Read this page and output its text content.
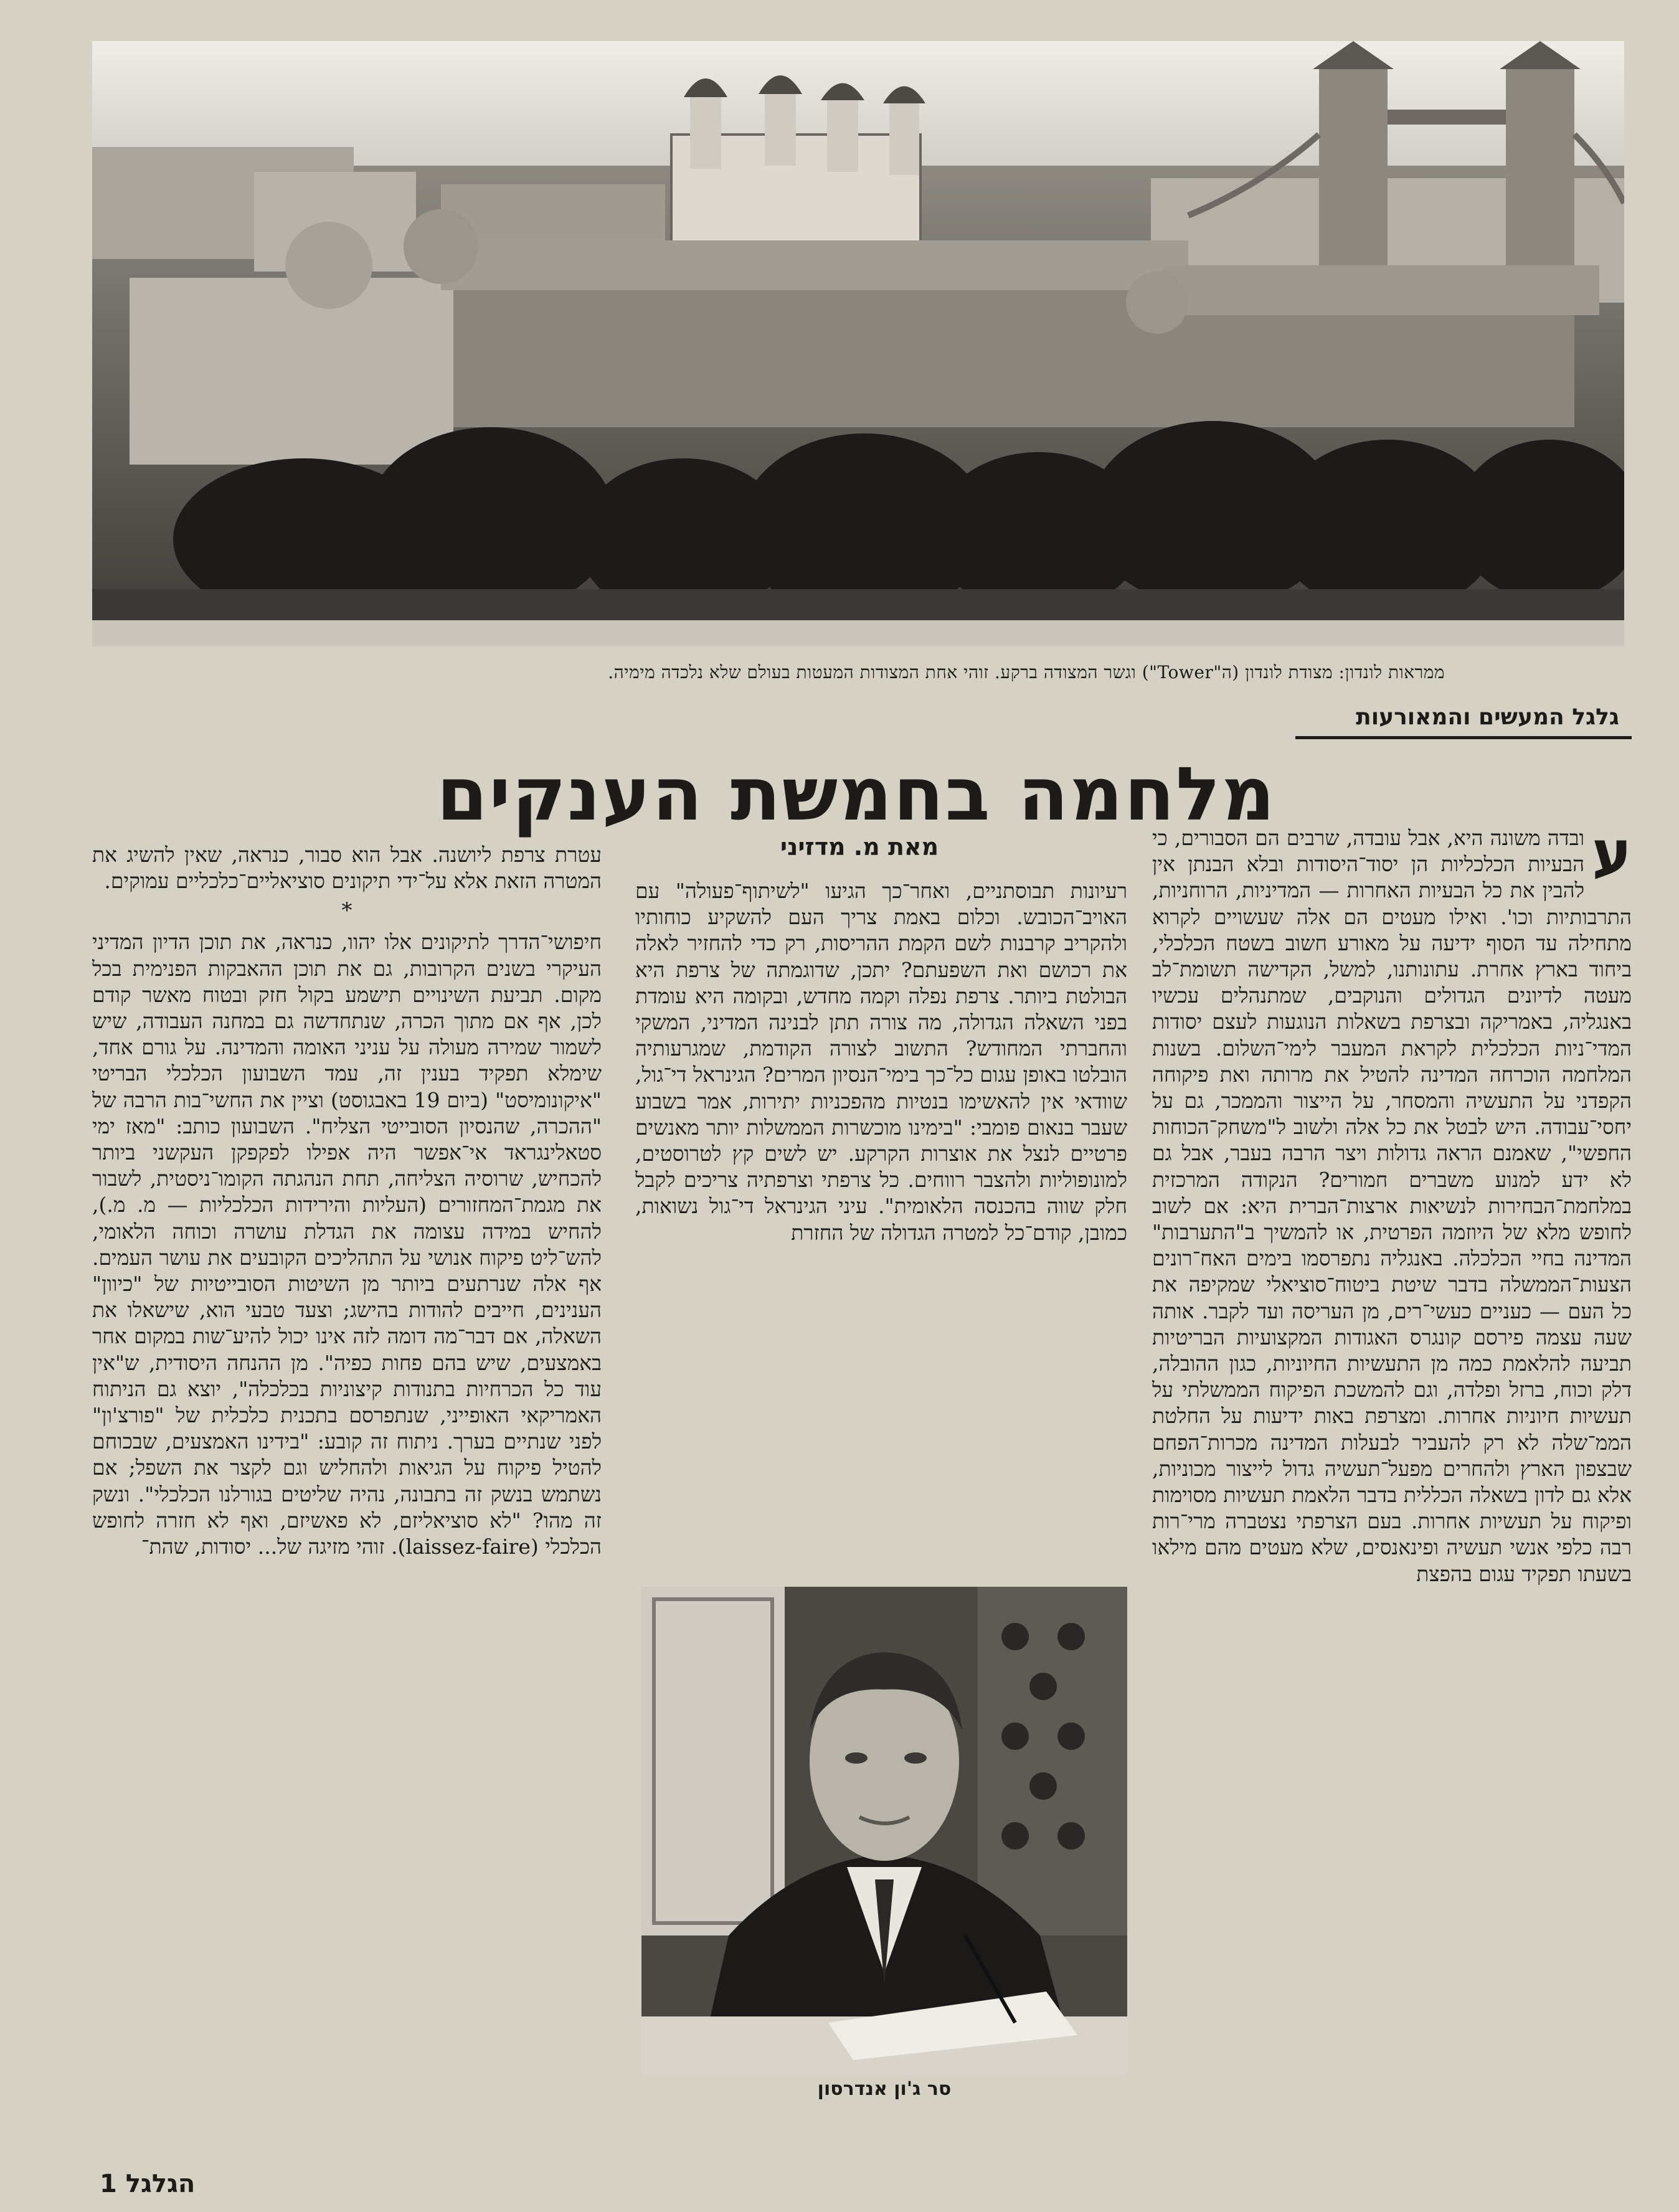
ממראות לונדון: מצודת לונדון (ה"Tower") וגשר המצודה ברקע. זוהי אחת המצודות המעטות בעולם שלא נלכדה מימיה.
גלגל המעשים והמאורעות
מלחמה בחמשת הענקים
מאת מ. מדזיני	ע

ובדה משונה היא, אבל עובדה, שרבים הם הסבורים, כי הבעיות הכלכליות הן יסוד־היסודות ובלא הבנתן אין להבין את כל הבעיות האחרות — המדיניות, הרוחניות, התרבותיות וכו'. ואילו מעטים הם אלה שעשויים לקרוא מתחילה עד הסוף ידיעה על מאורע חשוב בשטח הכלכלי, ביחוד בארץ אחרת. עתונותנו, למשל, הקדישה תשומת־לב מעטה לדיונים הגדולים והנוקבים, שמתנהלים עכשיו באנגליה, באמריקה ובצרפת בשאלות הנוגעות לעצם יסודות המדי־ניות הכלכלית לקראת המעבר לימי־השלום. בשנות המלחמה הוכרחה המדינה להטיל את מרותה ואת פיקוחה הקפדני על התעשיה והמסחר, על הייצור והממכר, גם על יחסי־עבודה. היש לבטל את כל אלה ולשוב ל"משחק־הכוחות החפשי", שאמנם הראה גדולות ויצר הרבה בעבר, אבל גם לא ידע למנוע משברים חמורים? הנקודה המרכזית במלחמת־הבחירות לנשיאות ארצות־הברית היא: אם לשוב לחופש מלא של היוזמה הפרטית, או להמשיך ב"התערבות" המדינה בחיי הכלכלה. באנגליה נתפרסמו בימים האח־רונים הצעות־הממשלה בדבר שיטת ביטוח־סוציאלי שמקיפה את כל העם — כעניים כעשי־רים, מן העריסה ועד לקבר. אותה שעה עצמה פירסם קונגרס האגודות המקצועיות הבריטיות תביעה להלאמת כמה מן התעשיות החיוניות, כגון ההובלה, דלק וכוח, ברזל ופלדה, וגם להמשכת הפיקוח הממשלתי על תעשיות חיוניות אחרות. ומצרפת באות ידיעות על החלטת הממ־שלה לא רק להעביר לבעלות המדינה מכרות־הפחם שבצפון הארץ ולהחרים מפעל־תעשיה גדול לייצור מכוניות, אלא גם לדון בשאלה הכללית בדבר הלאמת תעשיות מסוימות ופיקוח על תעשיות אחרות. בעם הצרפתי נצטברה מרי־רות רבה כלפי אנשי תעשיה ופינאנסים, שלא מעטים מהם מילאו בשעתו תפקיד עגום בהפצת

רעיונות תבוסתניים, ואחר־כך הגיעו "לשיתוף־פעולה" עם האויב־הכובש. וכלום באמת צריך העם להשקיע כוחותיו ולהקריב קרבנות לשם הקמת ההריסות, רק כדי להחזיר לאלה את רכושם ואת השפעתם? יתכן, שדוגמתה של צרפת היא הבולטת ביותר. צרפת נפלה וקמה מחדש, ובקומה היא עומדת בפני השאלה הגדולה, מה צורה תתן לבנינה המדיני, המשקי והחברתי המחודש? התשוב לצורה הקודמת, שמגרעותיה הובלטו באופן עגום כל־כך בימי־הנסיון המרים? הגינראל די־גול, שוודאי אין להאשימו בנטיות מהפכניות יתירות, אמר בשבוע שעבר בנאום פומבי: "בימינו מוכשרות הממשלות יותר מאנשים פרטיים לנצל את אוצרות הקרקע. יש לשים קץ לטרוסטים, למונופוליות ולהצבר רווחים. כל צרפתי וצרפתיה צריכים לקבל חלק שווה בהכנסה הלאומית". עיני הגינראל די־גול נשואות, כמובן, קודם־כל למטרה הגדולה של החזרת

עטרת צרפת ליושנה. אבל הוא סבור, כנראה, שאין להשיג את המטרה הזאת אלא על־ידי תיקונים סוציאליים־כלכליים עמוקים.

*

חיפושי־הדרך לתיקונים אלו יהוו, כנראה, את תוכן הדיון המדיני העיקרי בשנים הקרובות, גם את תוכן ההאבקות הפנימית בכל מקום. תביעת השינויים תישמע בקול חזק ובטוח מאשר קודם לכן, אף אם מתוך הכרה, שנתחדשה גם במחנה העבודה, שיש לשמור שמירה מעולה על עניני האומה והמדינה. על גורם אחד, שימלא תפקיד בענין זה, עמד השבועון הכלכלי הבריטי "איקונומיסט" (ביום 19 באבגוסט) וציין את החשי־בות הרבה של "ההכרה, שהנסיון הסובייטי הצליח". השבועון כותב: "מאז ימי סטאלינגראד אי־אפשר היה אפילו לפקפקן העקשני ביותר להכחיש, שרוסיה הצליחה, תחת הנהגתה הקומו־ניסטית, לשבור את מגמת־המחזורים (העליות והירידות הכלכליות — מ. מ.), להחיש במידה עצומה את הגדלת עושרה וכוחה הלאומי, להש־ליט פיקוח אנושי על התהליכים הקובעים את עושר העמים. אף אלה שנרתעים ביותר מן השיטות הסובייטיות של "כיוון" הענינים, חייבים להודות בהישג; וצעד טבעי הוא, שישאלו את השאלה, אם דבר־מה דומה לזה אינו יכול להיע־שות במקום אחר באמצעים, שיש בהם פחות כפיה". מן ההנחה היסודית, ש"אין עוד כל הכרחיות בתנודות קיצוניות בכלכלה", יוצא גם הניתוח האמריקאי האופייני, שנתפרסם בתכנית כלכלית של "פורצ'ון" לפני שנתיים בערך. ניתוח זה קובע: "בידינו האמצעים, שבכוחם להטיל פיקוח על הגיאות ולהחליש וגם לקצר את השפל; אם נשתמש בנשק זה בתבונה, נהיה שליטים בגורלנו הכלכלי". ונשק זה מהו? "לא סוציאליזם, לא פאשיזם, ואף לא חזרה לחופש הכלכלי (laissez-faire). זוהי מזיגה של... יסודות, שהת־

סר ג'ון אנדרסון
הגלגל 1
